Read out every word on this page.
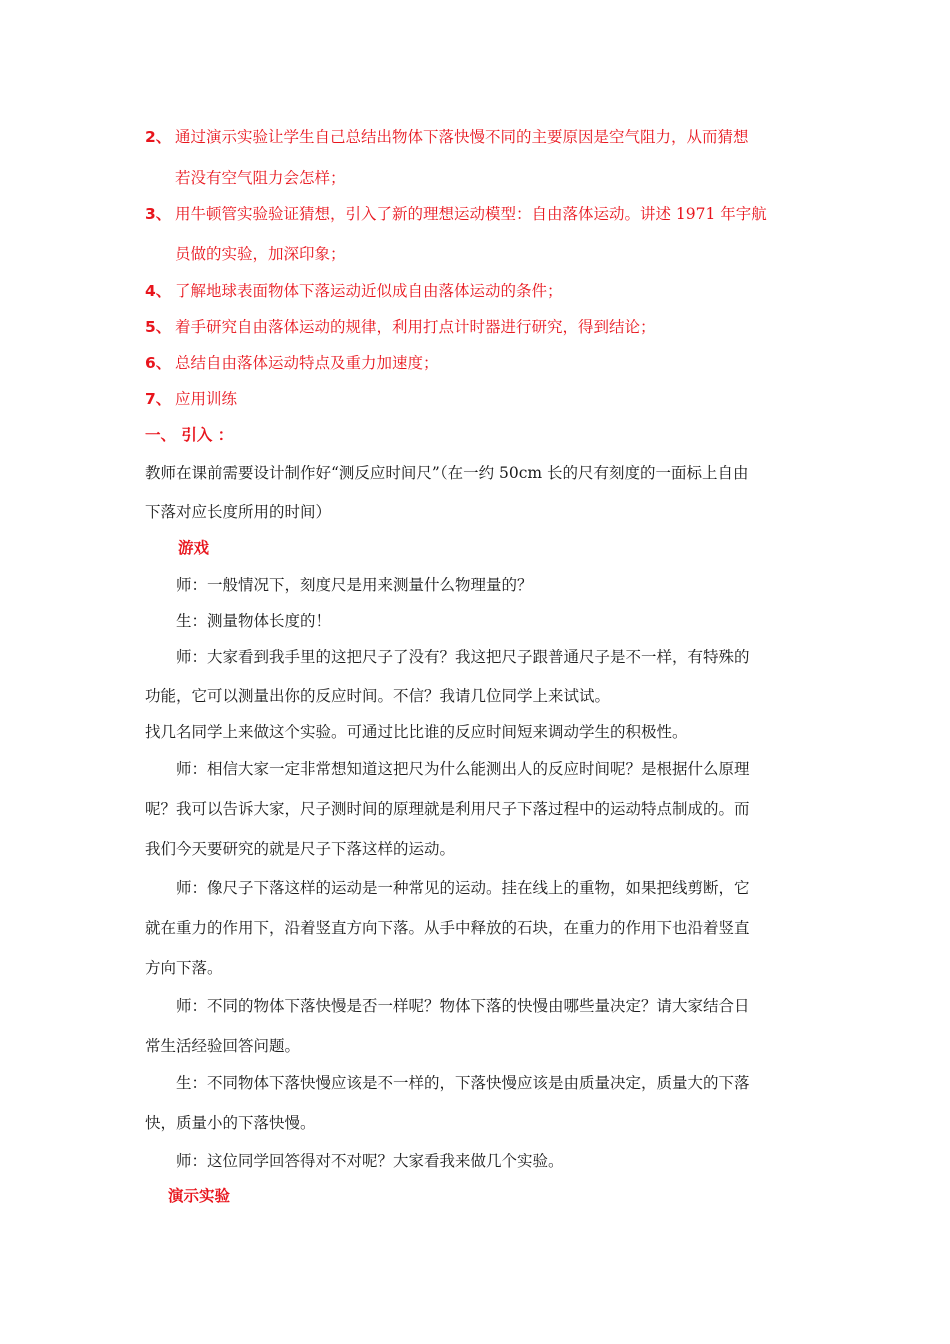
2、 通过演示实验让学生自己总结出物体下落快慢不同的主要原因是空气阻力，从而猜想
若没有空气阻力会怎样；
3、 用牛顿管实验验证猜想，引入了新的理想运动模型：自由落体运动。讲述 1971 年宇航
员做的实验，加深印象；
4、 了解地球表面物体下落运动近似成自由落体运动的条件；
5、 着手研究自由落体运动的规律，利用打点计时器进行研究，得到结论；
6、 总结自由落体运动特点及重力加速度；
7、 应用训练
一、 引入 ：
教师在课前需要设计制作好“测反应时间尺”（在一约 50cm 长的尺有刻度的一面标上自由
下落对应长度所用的时间）
游戏
师：一般情况下，刻度尺是用来测量什么物理量的？
生：测量物体长度的！
师：大家看到我手里的这把尺子了没有？我这把尺子跟普通尺子是不一样，有特殊的
功能，它可以测量出你的反应时间。不信？我请几位同学上来试试。
找几名同学上来做这个实验。可通过比比谁的反应时间短来调动学生的积极性。
师：相信大家一定非常想知道这把尺为什么能测出人的反应时间呢？是根据什么原理
呢？我可以告诉大家，尺子测时间的原理就是利用尺子下落过程中的运动特点制成的。而
我们今天要研究的就是尺子下落这样的运动。
师：像尺子下落这样的运动是一种常见的运动。挂在线上的重物，如果把线剪断，它
就在重力的作用下，沿着竖直方向下落。从手中释放的石块，在重力的作用下也沿着竖直
方向下落。
师：不同的物体下落快慢是否一样呢？物体下落的快慢由哪些量决定？请大家结合日
常生活经验回答问题。
生：不同物体下落快慢应该是不一样的，下落快慢应该是由质量决定，质量大的下落
快，质量小的下落快慢。
师：这位同学回答得对不对呢？大家看我来做几个实验。
演示实验
